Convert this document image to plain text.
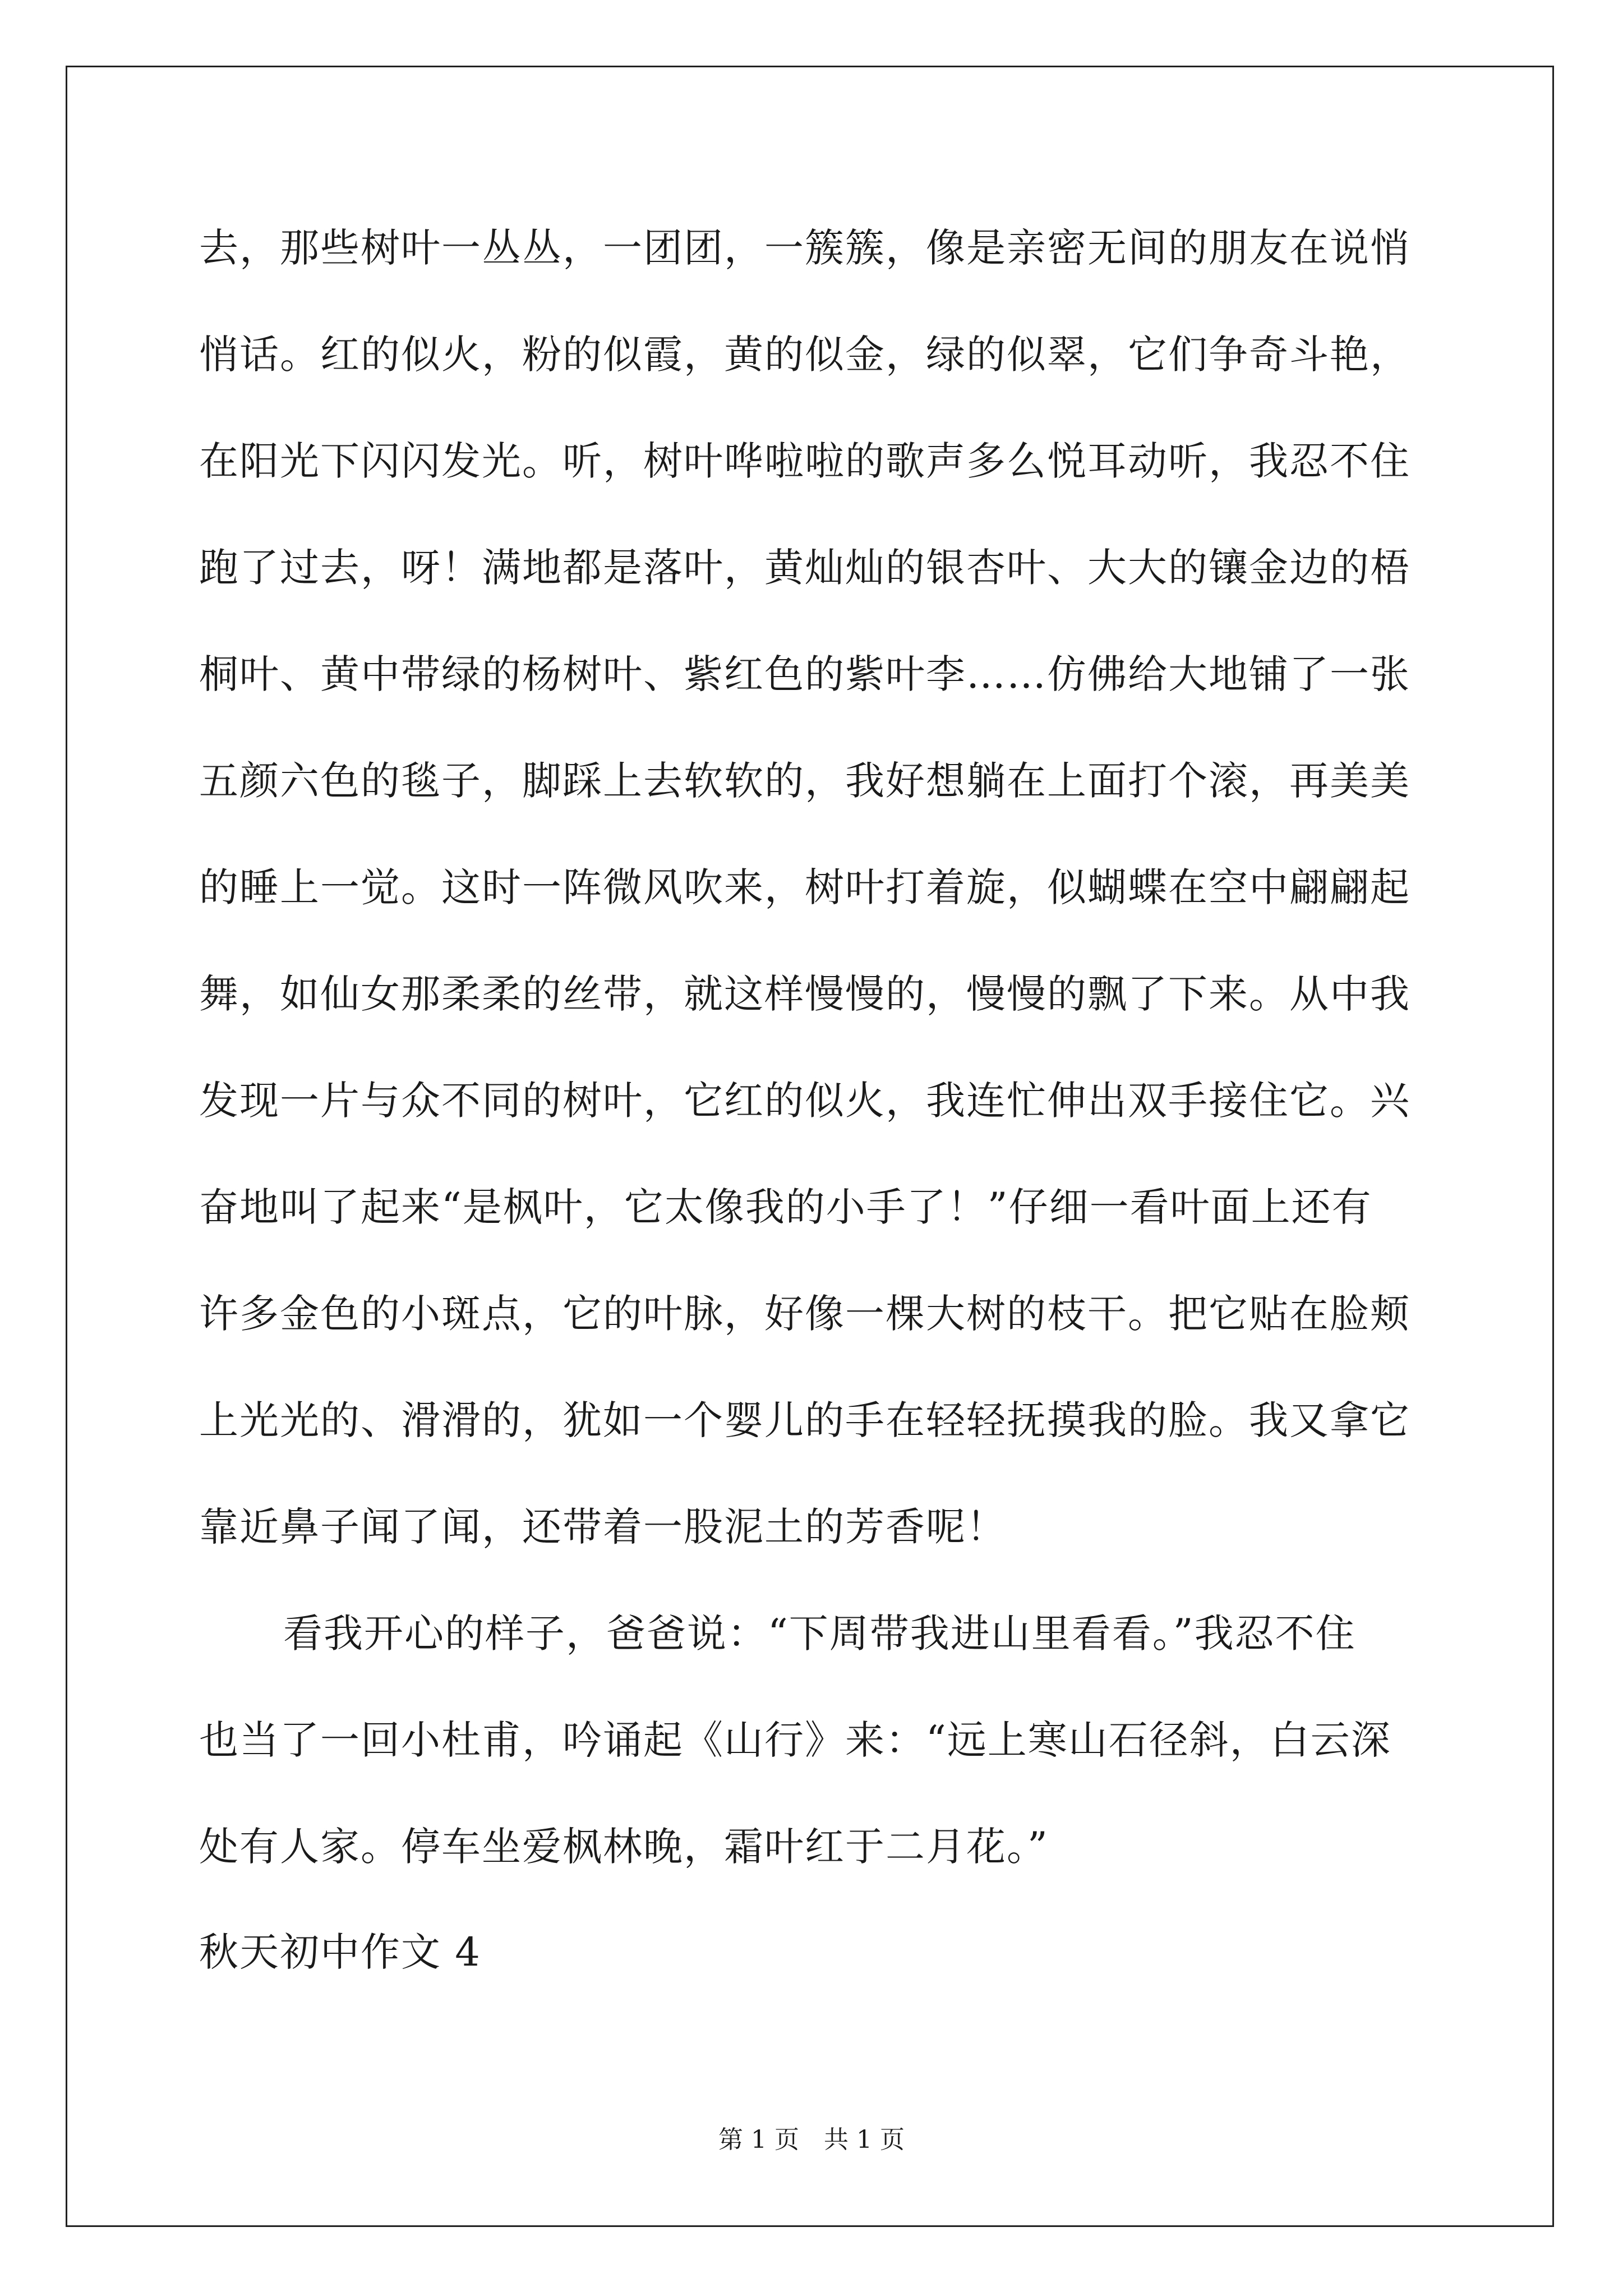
去，那些树叶一丛丛，一团团，一簇簇，像是亲密无间的朋友在说悄
悄话。红的似火，粉的似霞，黄的似金，绿的似翠，它们争奇斗艳，
在阳光下闪闪发光。听，树叶哗啦啦的歌声多么悦耳动听，我忍不住
跑了过去，呀！满地都是落叶，黄灿灿的银杏叶、大大的镶金边的梧
桐叶、黄中带绿的杨树叶、紫红色的紫叶李……仿佛给大地铺了一张
五颜六色的毯子，脚踩上去软软的，我好想躺在上面打个滚，再美美
的睡上一觉。这时一阵微风吹来，树叶打着旋，似蝴蝶在空中翩翩起
舞，如仙女那柔柔的丝带，就这样慢慢的，慢慢的飘了下来。从中我
发现一片与众不同的树叶，它红的似火，我连忙伸出双手接住它。兴
奋地叫了起来“是枫叶，它太像我的小手了！”仔细一看叶面上还有
许多金色的小斑点，它的叶脉，好像一棵大树的枝干。把它贴在脸颊
上光光的、滑滑的，犹如一个婴儿的手在轻轻抚摸我的脸。我又拿它
靠近鼻子闻了闻，还带着一股泥土的芳香呢！
看我开心的样子，爸爸说：“下周带我进山里看看。”我忍不住
也当了一回小杜甫，吟诵起《山行》来：“远上寒山石径斜，白云深
处有人家。停车坐爱枫林晚，霜叶红于二月花。”
秋天初中作文 4
第 1 页　共 1 页
